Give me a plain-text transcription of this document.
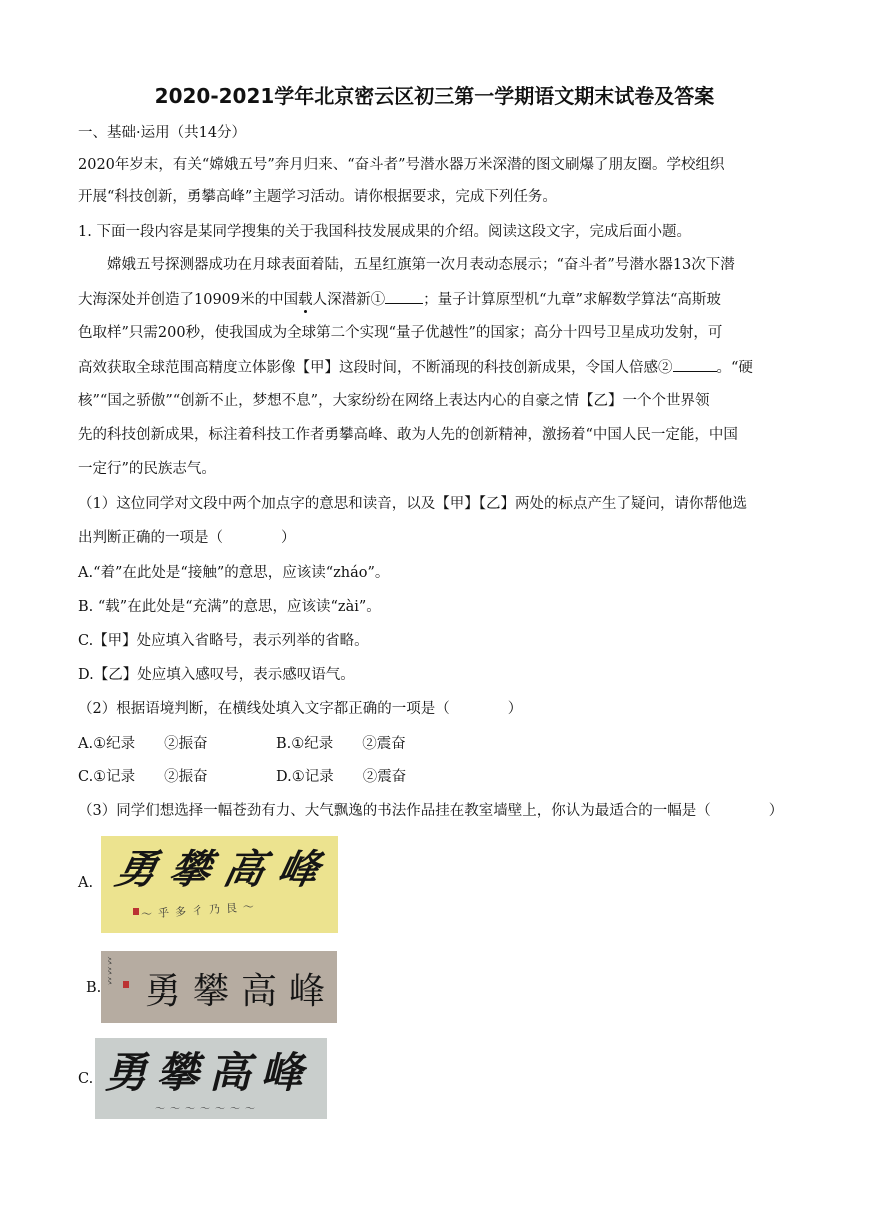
2020-2021学年北京密云区初三第一学期语文期末试卷及答案
一、基础·运用（共14分）
2020年岁末，有关“嫦娥五号”奔月归来、“奋斗者”号潜水器万米深潜的图文刷爆了朋友圈。学校组织
开展“科技创新，勇攀高峰”主题学习活动。请你根据要求，完成下列任务。
1. 下面一段内容是某同学搜集的关于我国科技发展成果的介绍。阅读这段文字，完成后面小题。
嫦娥五号探测器成功在月球表面着陆，五星红旗第一次月表动态展示；“奋斗者”号潜水器13次下潜
大海深处并创造了10909米的中国载人深潜新①	；量子计算原型机“九章”求解数学算法“高斯玻
色取样”只需200秒，使我国成为全球第二个实现“量子优越性”的国家；高分十四号卫星成功发射，可
高效获取全球范围高精度立体影像【甲】这段时间，不断涌现的科技创新成果，令国人倍感②	。“硬
核”“国之骄傲”“创新不止，梦想不息”，大家纷纷在网络上表达内心的自豪之情【乙】一个个世界领
先的科技创新成果，标注着科技工作者勇攀高峰、敢为人先的创新精神，激扬着“中国人民一定能，中国
一定行”的民族志气。
（1）这位同学对文段中两个加点字的意思和读音，以及【甲】【乙】两处的标点产生了疑问，请你帮他选
出判断正确的一项是（　　　　）
A.“着”在此处是“接触”的意思，应该读“zháo”。
B. “载”在此处是“充满”的意思，应该读“zài”。
C.【甲】处应填入省略号，表示列举的省略。
D.【乙】处应填入感叹号，表示感叹语气。
（2）根据语境判断，在横线处填入文字都正确的一项是（　　　　）
A.①纪录　　②振奋	B.①纪录　　②震奋
C.①记录　　②振奋	D.①记录　　②震奋
（3）同学们想选择一幅苍劲有力、大气飘逸的书法作品挂在教室墙壁上，你认为最适合的一幅是（　　　　）
A. 勇攀高峰
〜乎多彳乃艮〜
B. 勇攀高峰
〻
〻
〻
C. 勇攀高峰
〜〜〜〜〜〜〜
